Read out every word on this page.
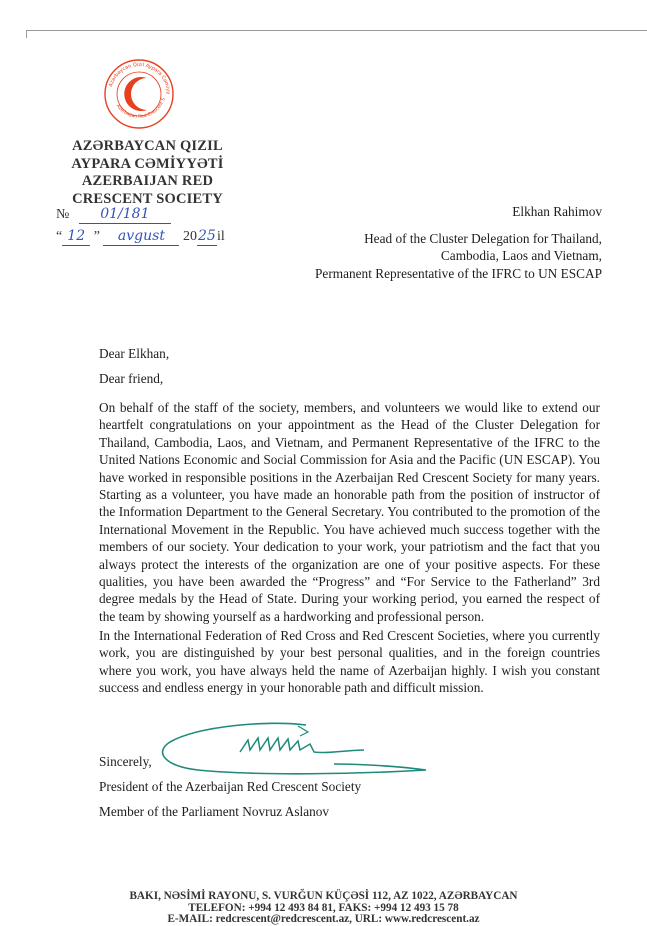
Azərbaycan Qızıl Aypara Cəmiyy
Azerbaijan Red Crescent S
AZƏRBAYCAN QIZIL
AYPARA CƏMİYYƏTİ
AZERBAIJAN RED
CRESCENT SOCIETY
№ 01/181
“ 12 ” avgust 2025il
Elkhan Rahimov
Head of the Cluster Delegation for Thailand,
Cambodia, Laos and Vietnam,
Permanent Representative of the IFRC to UN ESCAP
Dear Elkhan,
Dear friend,
On behalf of the staff of the society, members, and volunteers we would like to extend our heartfelt congratulations on your appointment as the Head of the Cluster Delegation for Thailand, Cambodia, Laos, and Vietnam, and Permanent Representative of the IFRC to the United Nations Economic and Social Commission for Asia and the Pacific (UN ESCAP). You have worked in responsible positions in the Azerbaijan Red Crescent Society for many years. Starting as a volunteer, you have made an honorable path from the position of instructor of the Information Department to the General Secretary. You contributed to the promotion of the International Movement in the Republic. You have achieved much success together with the members of our society. Your dedication to your work, your patriotism and the fact that you always protect the interests of the organization are one of your positive aspects. For these qualities, you have been awarded the “Progress” and “For Service to the Fatherland” 3rd degree medals by the Head of State. During your working period, you earned the respect of the team by showing yourself as a hardworking and professional person.
In the International Federation of Red Cross and Red Crescent Societies, where you currently work, you are distinguished by your best personal qualities, and in the foreign countries where you work, you have always held the name of Azerbaijan highly. I wish you constant success and endless energy in your honorable path and difficult mission.
Sincerely,
President of the Azerbaijan Red Crescent Society
Member of the Parliament Novruz Aslanov
BAKI, NƏSİMİ RAYONU, S. VURĞUN KÜÇƏSİ 112, AZ 1022, AZƏRBAYCAN
TELEFON: +994 12 493 84 81, FAKS: +994 12 493 15 78
E-MAIL: redcrescent@redcrescent.az, URL: www.redcrescent.az
